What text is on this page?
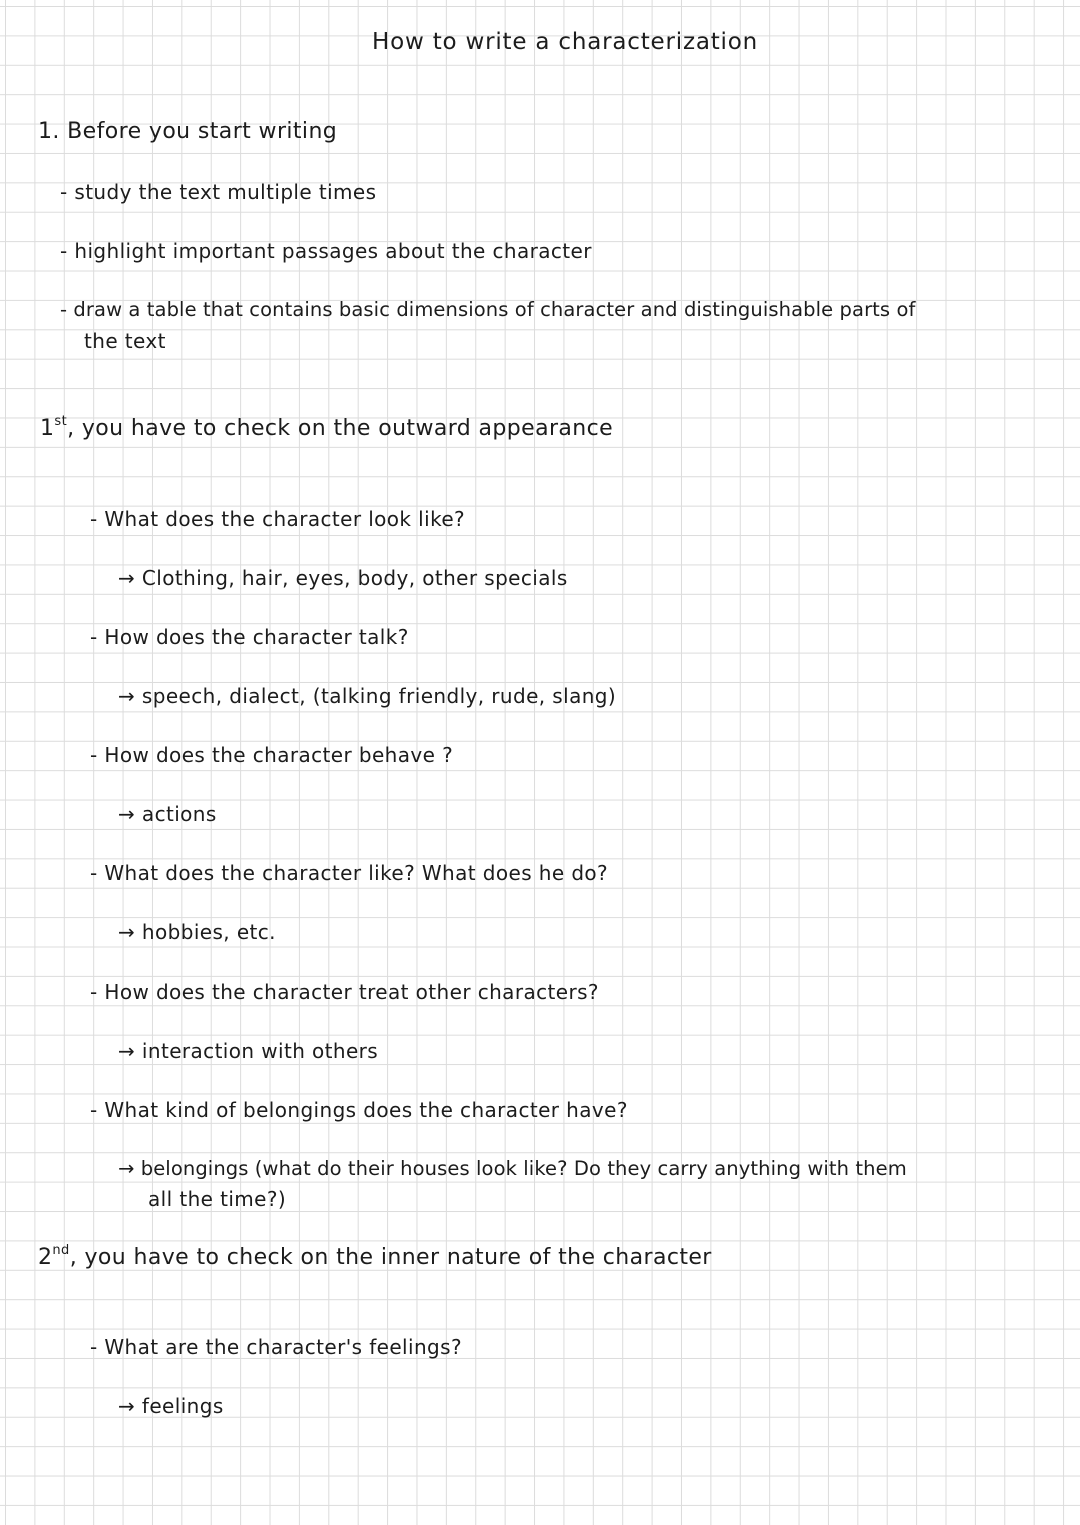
How to write a characterization
1. Before you start writing
- study the text multiple times
- highlight important passages about the character
- draw a table that contains basic dimensions of character and distinguishable parts of
the text
1st, you have to check on the outward appearance
- What does the character look like?
→ Clothing, hair, eyes, body, other specials
- How does the character talk?
→ speech, dialect, (talking friendly, rude, slang)
- How does the character behave ?
→ actions
- What does the character like? What does he do?
→ hobbies, etc.
- How does the character treat other characters?
→ interaction with others
- What kind of belongings does the character have?
→ belongings (what do their houses look like? Do they carry anything with them
all the time?)
2nd, you have to check on the inner nature of the character
- What are the character's feelings?
→ feelings
